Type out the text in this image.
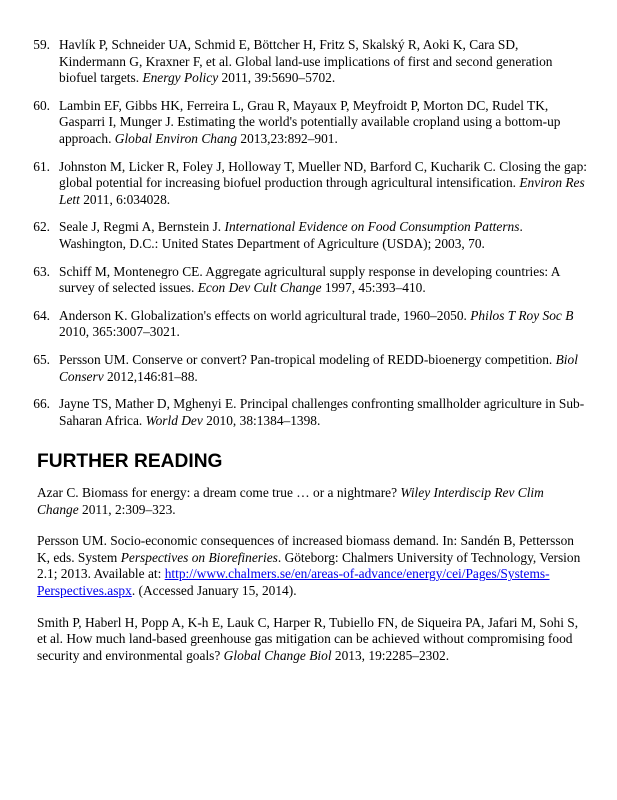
59. Havlík P, Schneider UA, Schmid E, Böttcher H, Fritz S, Skalský R, Aoki K, Cara SD, Kindermann G, Kraxner F, et al. Global land-use implications of first and second generation biofuel targets. Energy Policy 2011, 39:5690–5702.
60. Lambin EF, Gibbs HK, Ferreira L, Grau R, Mayaux P, Meyfroidt P, Morton DC, Rudel TK, Gasparri I, Munger J. Estimating the world's potentially available cropland using a bottom-up approach. Global Environ Chang 2013,23:892–901.
61. Johnston M, Licker R, Foley J, Holloway T, Mueller ND, Barford C, Kucharik C. Closing the gap: global potential for increasing biofuel production through agricultural intensification. Environ Res Lett 2011, 6:034028.
62. Seale J, Regmi A, Bernstein J. International Evidence on Food Consumption Patterns. Washington, D.C.: United States Department of Agriculture (USDA); 2003, 70.
63. Schiff M, Montenegro CE. Aggregate agricultural supply response in developing countries: A survey of selected issues. Econ Dev Cult Change 1997, 45:393–410.
64. Anderson K. Globalization's effects on world agricultural trade, 1960–2050. Philos T Roy Soc B 2010, 365:3007–3021.
65. Persson UM. Conserve or convert? Pan-tropical modeling of REDD-bioenergy competition. Biol Conserv 2012,146:81–88.
66. Jayne TS, Mather D, Mghenyi E. Principal challenges confronting smallholder agriculture in Sub-Saharan Africa. World Dev 2010, 38:1384–1398.
FURTHER READING
Azar C. Biomass for energy: a dream come true … or a nightmare? Wiley Interdiscip Rev Clim Change 2011, 2:309–323.
Persson UM. Socio-economic consequences of increased biomass demand. In: Sandén B, Pettersson K, eds. System Perspectives on Biorefineries. Göteborg: Chalmers University of Technology, Version 2.1; 2013. Available at: http://www.chalmers.se/en/areas-of-advance/energy/cei/Pages/Systems-Perspectives.aspx. (Accessed January 15, 2014).
Smith P, Haberl H, Popp A, K-h E, Lauk C, Harper R, Tubiello FN, de Siqueira PA, Jafari M, Sohi S, et al. How much land-based greenhouse gas mitigation can be achieved without compromising food security and environmental goals? Global Change Biol 2013, 19:2285–2302.
